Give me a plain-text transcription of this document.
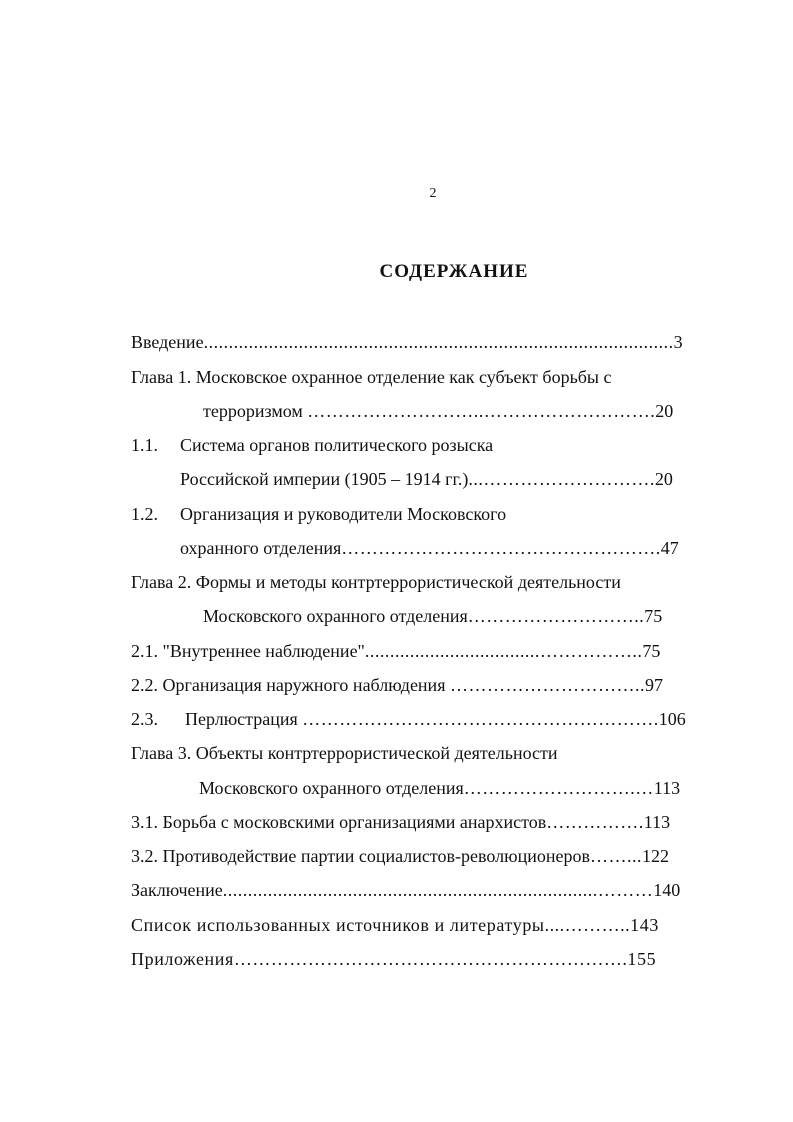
2
СОДЕРЖАНИЕ
Введение..............................................................................................3
Глава 1. Московское охранное отделение как субъект борьбы с
терроризмом ………………………..……………………….20
1.1. Система органов политического розыска
Российской империи (1905 – 1914 гг.)...……………………….20
1.2. Организация и руководители Московского
охранного отделения…………………………………………….47
Глава 2. Формы и методы контртеррористической деятельности
Московского охранного отделения………………………..75
2.1. "Внутреннее наблюдение"...................................……………..75
2.2. Организация наружного наблюдения …………………………..97
2.3. Перлюстрация ………………………………………………….106
Глава 3. Объекты контртеррористической деятельности
Московского охранного отделения……………………….…113
3.1. Борьба с московскими организациями анархистов…………….113
3.2. Противодействие партии социалистов-революционеров……...122
Заключение...........................................................................………140
Список использованных источников и литературы....………..143
Приложения……………………………………………………….155
